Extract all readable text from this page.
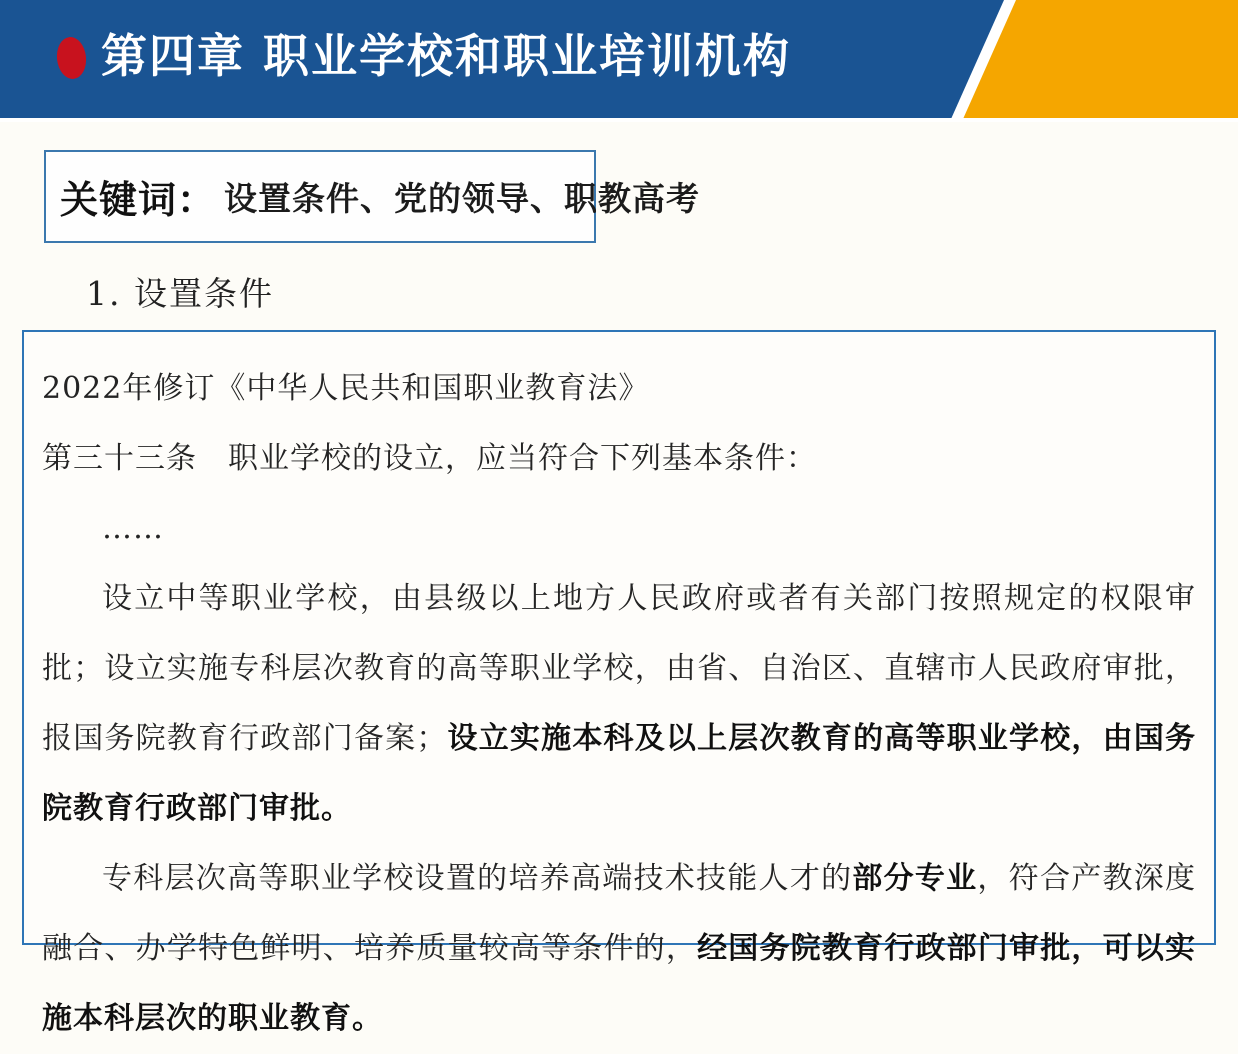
第四章 职业学校和职业培训机构
关键词： 设置条件、党的领导、职教高考
1. 设置条件

2022年修订《中华人民共和国职业教育法》

第三十三条　职业学校的设立，应当符合下列基本条件：

……

设立中等职业学校，由县级以上地方人民政府或者有关部门按照规定的权限审批；设立实施专科层次教育的高等职业学校，由省、自治区、直辖市人民政府审批，报国务院教育行政部门备案；设立实施本科及以上层次教育的高等职业学校，由国务院教育行政部门审批。

专科层次高等职业学校设置的培养高端技术技能人才的部分专业，符合产教深度融合、办学特色鲜明、培养质量较高等条件的，经国务院教育行政部门审批，可以实施本科层次的职业教育。
